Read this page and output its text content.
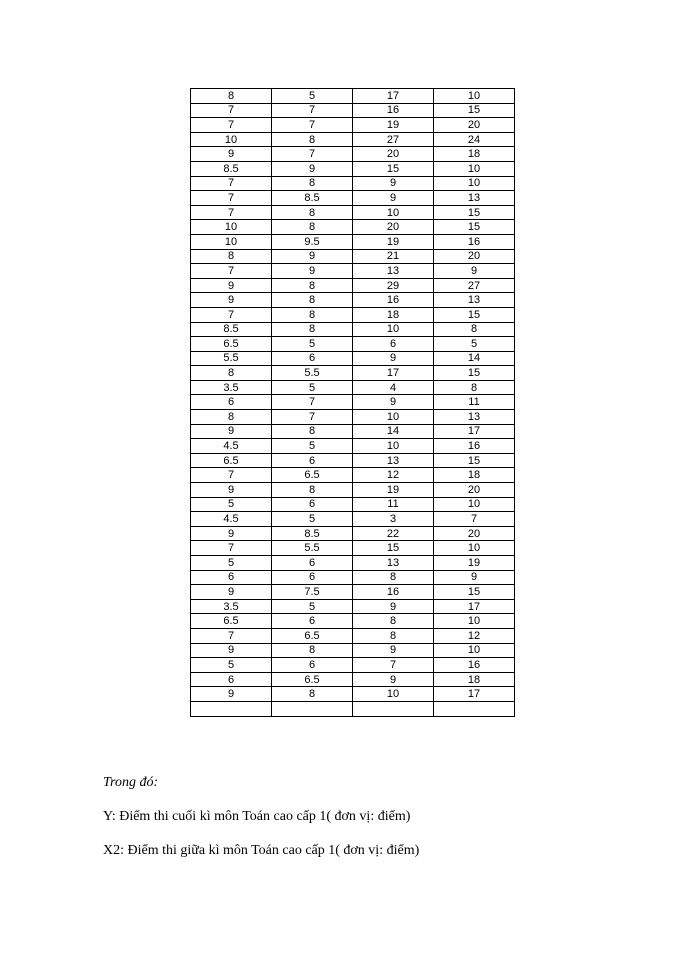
8	5	17	10
7	7	16	15
7	7	19	20
10	8	27	24
9	7	20	18
8.5	9	15	10
7	8	9	10
7	8.5	9	13
7	8	10	15
10	8	20	15
10	9.5	19	16
8	9	21	20
7	9	13	9
9	8	29	27
9	8	16	13
7	8	18	15
8.5	8	10	8
6.5	5	6	5
5.5	6	9	14
8	5.5	17	15
3.5	5	4	8
6	7	9	11
8	7	10	13
9	8	14	17
4.5	5	10	16
6.5	6	13	15
7	6.5	12	18
9	8	19	20
5	6	11	10
4.5	5	3	7
9	8.5	22	20
7	5.5	15	10
5	6	13	19
6	6	8	9
9	7.5	16	15
3.5	5	9	17
6.5	6	8	10
7	6.5	8	12
9	8	9	10
5	6	7	16
6	6.5	9	18
9	8	10	17

Trong đó:

Y: Điểm thi cuối kì môn Toán cao cấp 1( đơn vị: điểm)

X2: Điểm thi giữa kì môn Toán cao cấp 1( đơn vị: điểm)
